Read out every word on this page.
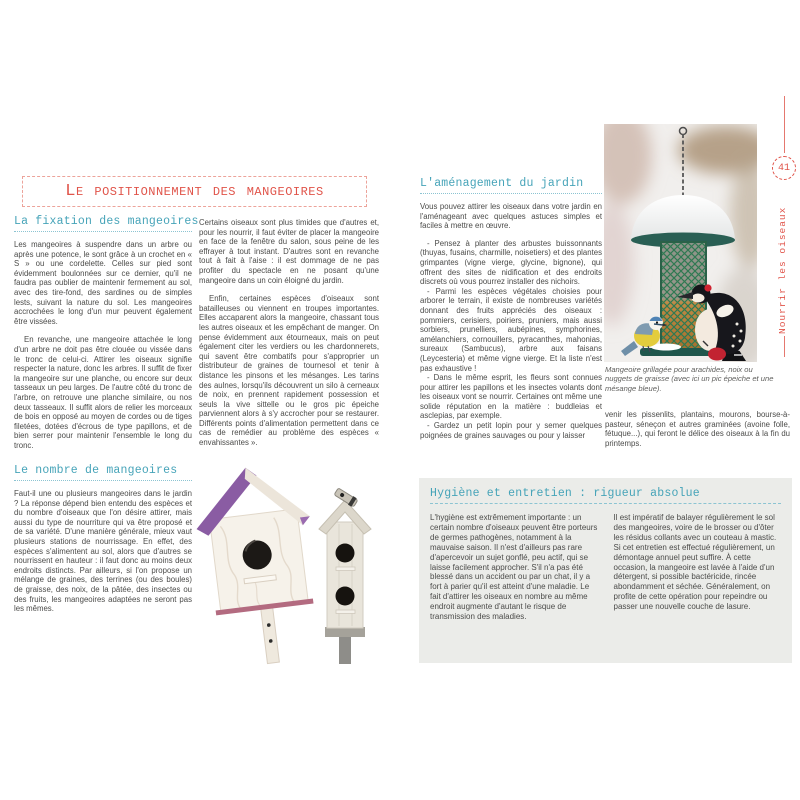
Le positionnement des mangeoires
La fixation des mangeoires

Les mangeoires à suspendre dans un arbre ou après une potence, le sont grâce à un crochet en « S » ou une cordelette. Celles sur pied sont évidemment boulonnées sur ce dernier, qu'il ne faudra pas oublier de maintenir fermement au sol, avec des tire-fond, des sardines ou de simples lests, suivant la nature du sol. Les mangeoires accrochées le long d'un mur peuvent également être vissées.

En revanche, une mangeoire attachée le long d'un arbre ne doit pas être clouée ou vissée dans le tronc de celui-ci. Attirer les oiseaux signifie respecter la nature, donc les arbres. Il suffit de fixer la mangeoire sur une planche, ou encore sur deux tasseaux un peu larges. De l'autre côté du tronc de l'arbre, on retrouve une planche similaire, ou nos deux tasseaux. Il suffit alors de relier les morceaux de bois en opposé au moyen de cordes ou de tiges filetées, dotées d'écrous de type papillons, et de bien serrer pour maintenir l'ensemble le long du tronc.

Le nombre de mangeoires

Faut-il une ou plusieurs mangeoires dans le jardin ? La réponse dépend bien entendu des espèces et du nombre d'oiseaux que l'on désire attirer, mais aussi du type de nourriture qui va être proposé et de sa variété. D'une manière générale, mieux vaut plusieurs stations de nourrissage. En effet, des espèces s'alimentent au sol, alors que d'autres se nourrissent en hauteur : il faut donc au moins deux endroits distincts. Par ailleurs, si l'on propose un mélange de graines, des terrines (ou des boules) de graisse, des noix, de la pâtée, des insectes ou des fruits, les mangeoires adaptées ne seront pas les mêmes.

Certains oiseaux sont plus timides que d'autres et, pour les nourrir, il faut éviter de placer la mangeoire en face de la fenêtre du salon, sous peine de les effrayer à tout instant. D'autres sont en revanche tout à fait à l'aise : il est dommage de ne pas profiter du spectacle en ne posant qu'une mangeoire dans un coin éloigné du jardin.

Enfin, certaines espèces d'oiseaux sont batailleuses ou viennent en troupes importantes. Elles accaparent alors la mangeoire, chassant tous les autres oiseaux et les empêchant de manger. On pense évidemment aux étourneaux, mais on peut également citer les verdiers ou les chardonnerets, qui savent être combatifs pour s'approprier un distributeur de graines de tournesol et tenir à distance les pinsons et les mésanges. Les tarins des aulnes, lorsqu'ils découvrent un silo à cerneaux de noix, en prennent rapidement possession et seuls la vive sittelle ou le gros pic épeiche parviennent alors à s'y accrocher pour se restaurer. Différents points d'alimentation permettent dans ce cas de remédier au problème des espèces « envahissantes ».

L'aménagement du jardin

Vous pouvez attirer les oiseaux dans votre jardin en l'aménageant avec quelques astuces simples et faciles à mettre en œuvre.

- Pensez à planter des arbustes buissonnants (thuyas, fusains, charmille, noisetiers) et des plantes grimpantes (vigne vierge, glycine, bignone), qui offrent des sites de nidification et des endroits discrets où vous pourrez installer des nichoirs.

- Parmi les espèces végétales choisies pour arborer le terrain, il existe de nombreuses variétés donnant des fruits appréciés des oiseaux : pommiers, cerisiers, poiriers, pruniers, mais aussi sorbiers, prunelliers, aubépines, symphorines, amélanchiers, cornouillers, pyracanthes, mahonias, sureaux (Sambucus), arbre aux faisans (Leycesteria) et même vigne vierge. Et la liste n'est pas exhaustive !

- Dans le même esprit, les fleurs sont connues pour attirer les papillons et les insectes volants dont les oiseaux vont se nourrir. Certaines ont même une solide réputation en la matière : buddleias et asclepias, par exemple.

- Gardez un petit lopin pour y semer quelques poignées de graines sauvages ou pour y laisser

Mangeoire grillagée pour arachides, noix ou nuggets de graisse (avec ici un pic épeiche et une mésange bleue).

venir les pissenlits, plantains, mourons, bourse-à-pasteur, séneçon et autres graminées (avoine folle, fétuque...), qui feront le délice des oiseaux à la fin du printemps.

Hygiène et entretien : rigueur absolue
L'hygiène est extrêmement importante : un certain nombre d'oiseaux peuvent être porteurs de germes pathogènes, notamment à la mauvaise saison. Il n'est d'ailleurs pas rare d'apercevoir un sujet gonflé, peu actif, qui se laisse facilement approcher. S'il n'a pas été blessé dans un accident ou par un chat, il y a fort à parier qu'il est atteint d'une maladie. Le fait d'attirer les oiseaux en nombre au même endroit augmente d'autant le risque de transmission des maladies.
Il est impératif de balayer régulièrement le sol des mangeoires, voire de le brosser ou d'ôter les résidus collants avec un couteau à mastic. Si cet entretien est effectué régulièrement, un démontage annuel peut suffire. À cette occasion, la mangeoire est lavée à l'aide d'un détergent, si possible bactéricide, rincée abondamment et séchée. Généralement, on profite de cette opération pour repeindre ou passer une nouvelle couche de lasure.
41
Nourrir les oiseaux
